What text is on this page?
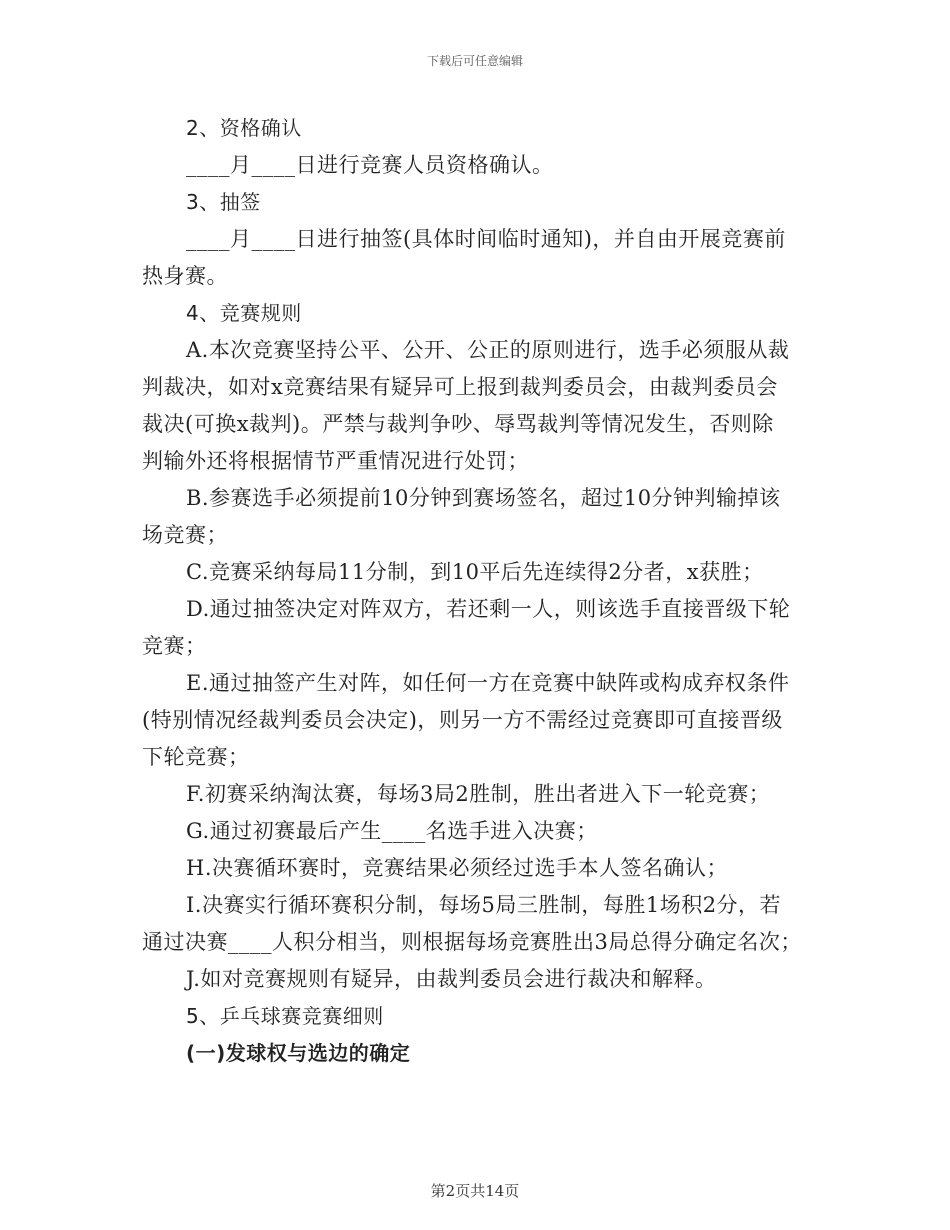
下载后可任意编辑
2、资格确认
____月____日进行竞赛人员资格确认。
3、抽签
____月____日进行抽签(具体时间临时通知)，并自由开展竞赛前
热身赛。
4、竞赛规则
A.本次竞赛坚持公平、公开、公正的原则进行，选手必须服从裁
判裁决，如对x竞赛结果有疑异可上报到裁判委员会，由裁判委员会
裁决(可换x裁判)。严禁与裁判争吵、辱骂裁判等情况发生，否则除
判输外还将根据情节严重情况进行处罚；
B.参赛选手必须提前10分钟到赛场签名，超过10分钟判输掉该
场竞赛；
C.竞赛采纳每局11分制，到10平后先连续得2分者，x获胜；
D.通过抽签决定对阵双方，若还剩一人，则该选手直接晋级下轮
竞赛；
E.通过抽签产生对阵，如任何一方在竞赛中缺阵或构成弃权条件
(特别情况经裁判委员会决定)，则另一方不需经过竞赛即可直接晋级
下轮竞赛；
F.初赛采纳淘汰赛，每场3局2胜制，胜出者进入下一轮竞赛；
G.通过初赛最后产生____名选手进入决赛；
H.决赛循环赛时，竞赛结果必须经过选手本人签名确认；
I.决赛实行循环赛积分制，每场5局三胜制，每胜1场积2分，若
通过决赛____人积分相当，则根据每场竞赛胜出3局总得分确定名次；
J.如对竞赛规则有疑异，由裁判委员会进行裁决和解释。
5、乒乓球赛竞赛细则
(一)发球权与选边的确定
第2页共14页
